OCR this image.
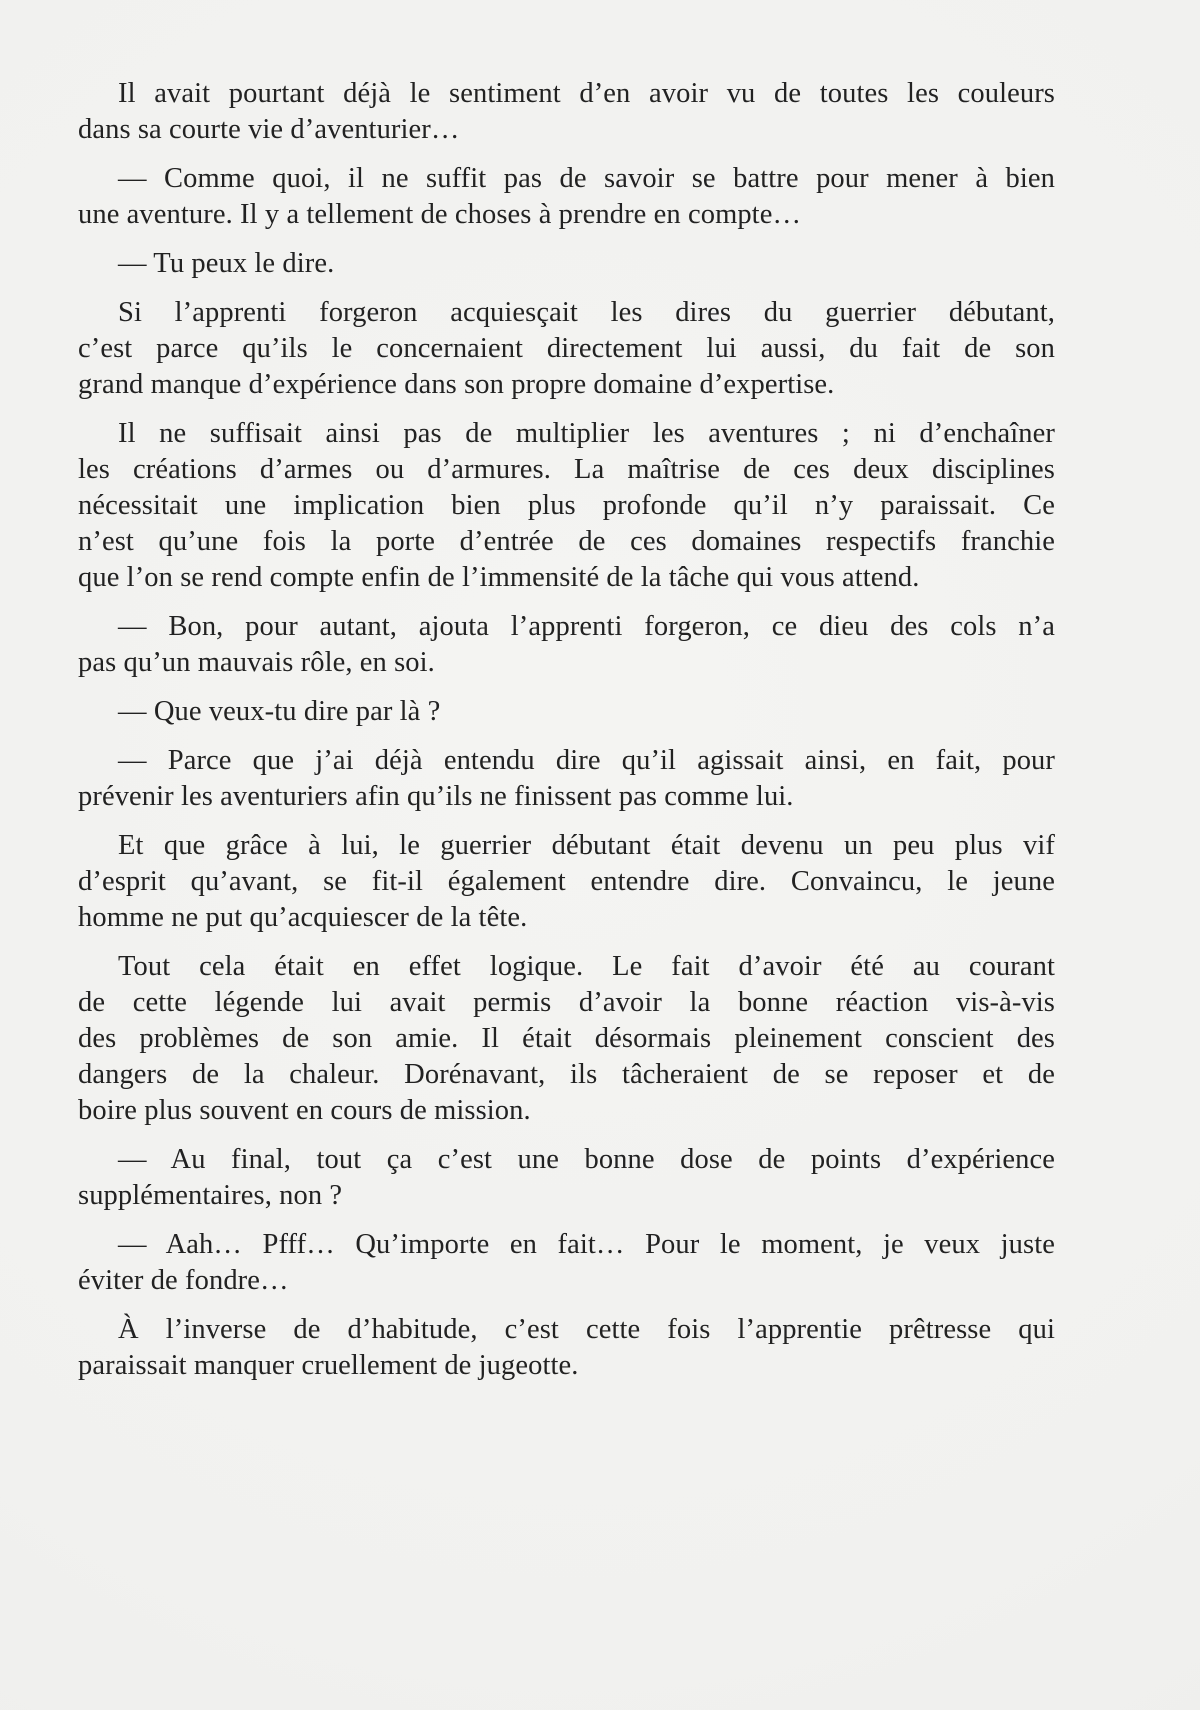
Il avait pourtant déjà le sentiment d’en avoir vu de toutes les couleurs
dans sa courte vie d’aventurier…
— Comme quoi, il ne suffit pas de savoir se battre pour mener à bien
une aventure. Il y a tellement de choses à prendre en compte…
— Tu peux le dire.
Si l’apprenti forgeron acquiesçait les dires du guerrier débutant,
c’est parce qu’ils le concernaient directement lui aussi, du fait de son
grand manque d’expérience dans son propre domaine d’expertise.
Il ne suffisait ainsi pas de multiplier les aventures ; ni d’enchaîner
les créations d’armes ou d’armures. La maîtrise de ces deux disciplines
nécessitait une implication bien plus profonde qu’il n’y paraissait. Ce
n’est qu’une fois la porte d’entrée de ces domaines respectifs franchie
que l’on se rend compte enfin de l’immensité de la tâche qui vous attend.
— Bon, pour autant, ajouta l’apprenti forgeron, ce dieu des cols n’a
pas qu’un mauvais rôle, en soi.
— Que veux-tu dire par là ?
— Parce que j’ai déjà entendu dire qu’il agissait ainsi, en fait, pour
prévenir les aventuriers afin qu’ils ne finissent pas comme lui.
Et que grâce à lui, le guerrier débutant était devenu un peu plus vif
d’esprit qu’avant, se fit-il également entendre dire. Convaincu, le jeune
homme ne put qu’acquiescer de la tête.
Tout cela était en effet logique. Le fait d’avoir été au courant
de cette légende lui avait permis d’avoir la bonne réaction vis-à-vis
des problèmes de son amie. Il était désormais pleinement conscient des
dangers de la chaleur. Dorénavant, ils tâcheraient de se reposer et de
boire plus souvent en cours de mission.
— Au final, tout ça c’est une bonne dose de points d’expérience
supplémentaires, non ?
— Aah… Pfff… Qu’importe en fait… Pour le moment, je veux juste
éviter de fondre…
À l’inverse de d’habitude, c’est cette fois l’apprentie prêtresse qui
paraissait manquer cruellement de jugeotte.
